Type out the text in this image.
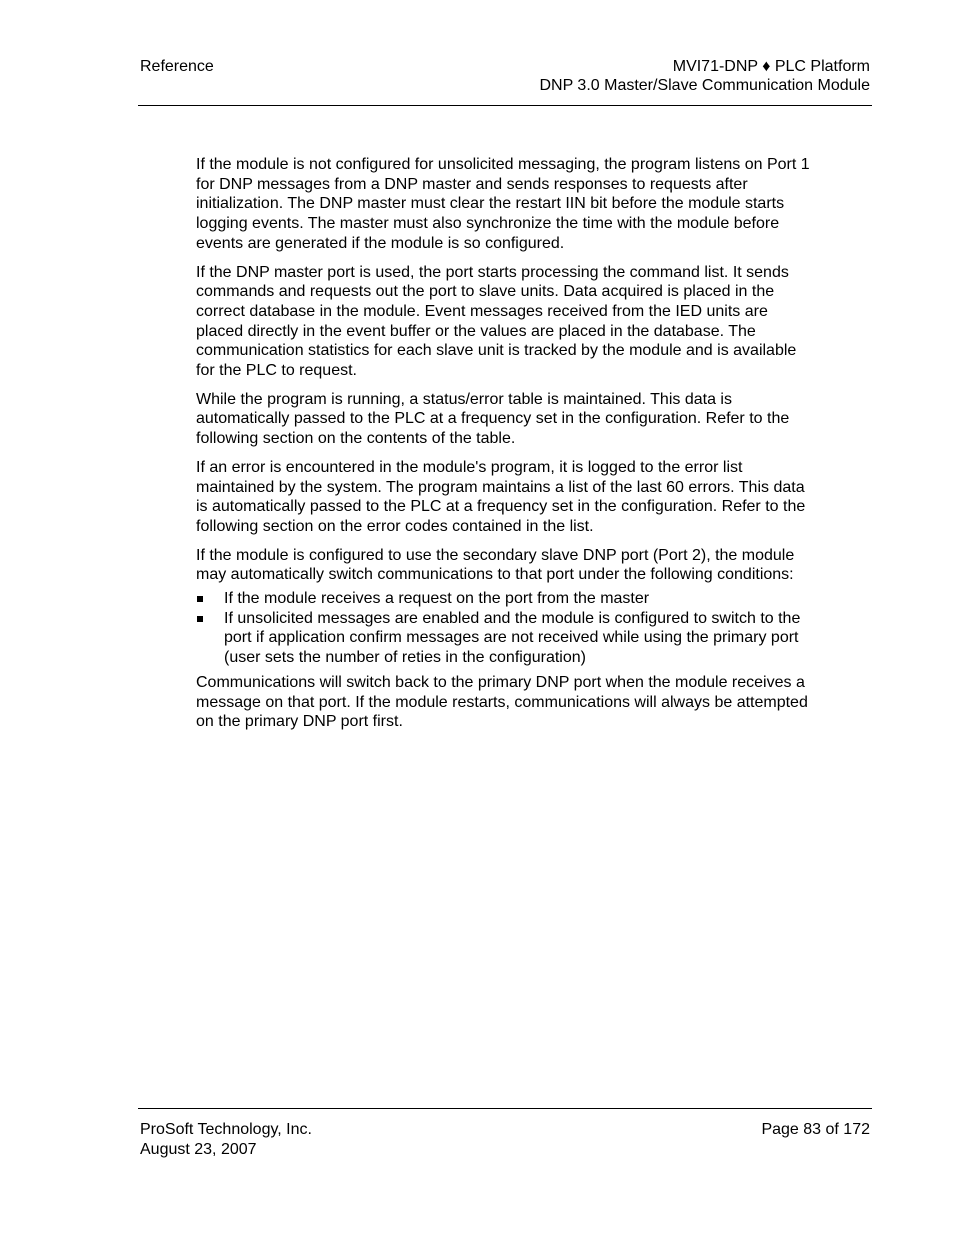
Reference	MVI71-DNP ♦ PLC Platform
DNP 3.0 Master/Slave Communication Module

If the module is not configured for unsolicited messaging, the program listens on Port 1 for DNP messages from a DNP master and sends responses to requests after initialization. The DNP master must clear the restart IIN bit before the module starts logging events. The master must also synchronize the time with the module before events are generated if the module is so configured.

If the DNP master port is used, the port starts processing the command list. It sends commands and requests out the port to slave units. Data acquired is placed in the correct database in the module. Event messages received from the IED units are placed directly in the event buffer or the values are placed in the database. The communication statistics for each slave unit is tracked by the module and is available for the PLC to request.

While the program is running, a status/error table is maintained. This data is automatically passed to the PLC at a frequency set in the configuration. Refer to the following section on the contents of the table.

If an error is encountered in the module's program, it is logged to the error list maintained by the system. The program maintains a list of the last 60 errors. This data is automatically passed to the PLC at a frequency set in the configuration. Refer to the following section on the error codes contained in the list.

If the module is configured to use the secondary slave DNP port (Port 2), the module may automatically switch communications to that port under the following conditions:

If the module receives a request on the port from the master
If unsolicited messages are enabled and the module is configured to switch to the port if application confirm messages are not received while using the primary port (user sets the number of reties in the configuration)

Communications will switch back to the primary DNP port when the module receives a message on that port. If the module restarts, communications will always be attempted on the primary DNP port first.

ProSoft Technology, Inc.
August 23, 2007
Page 83 of 172
